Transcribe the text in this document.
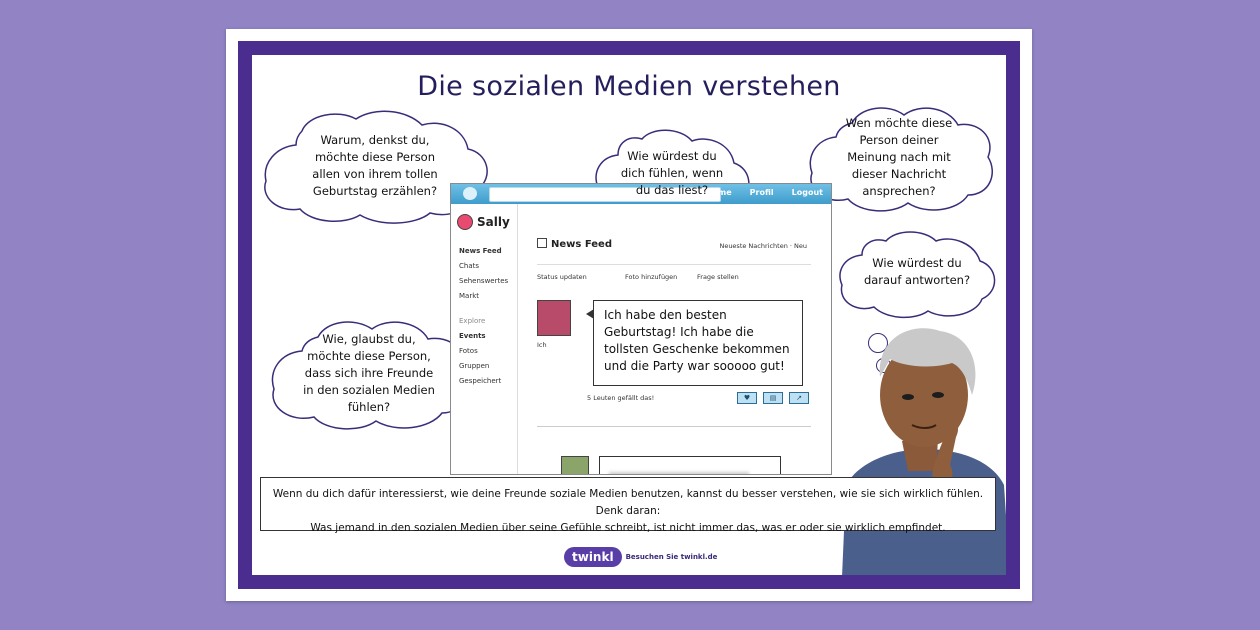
Die sozialen Medien verstehen
Warum, denkst du, möchte diese Person allen von ihrem tollen Geburtstag erzählen?
Wie würdest du dich fühlen, wenn du das liest?
Wen möchte diese Person deiner Meinung nach mit dieser Nachricht ansprechen?
Wie würdest du darauf antworten?
Wie, glaubst du, möchte diese Person, dass sich ihre Freunde in den sozialen Medien fühlen?
Home Profil Logout
Sally
News Feed
Chats
Sehenswertes
Markt
Explore
Events
Fotos
Gruppen
Gespeichert
News Feed	Neueste Nachrichten · Neu
Status updaten	Foto hinzufügen	Frage stellen
Ich
Ich habe den besten Geburtstag! Ich habe die tollsten Geschenke bekommen und die Party war sooooo gut!
5 Leuten gefällt das!	♥	▤	↗
Wenn du dich dafür interessierst, wie deine Freunde soziale Medien benutzen, kannst du besser verstehen, wie sie sich wirklich fühlen. Denk daran:
Was jemand in den sozialen Medien über seine Gefühle schreibt, ist nicht immer das, was er oder sie wirklich empfindet.
twinkl	Besuchen Sie twinkl.de
